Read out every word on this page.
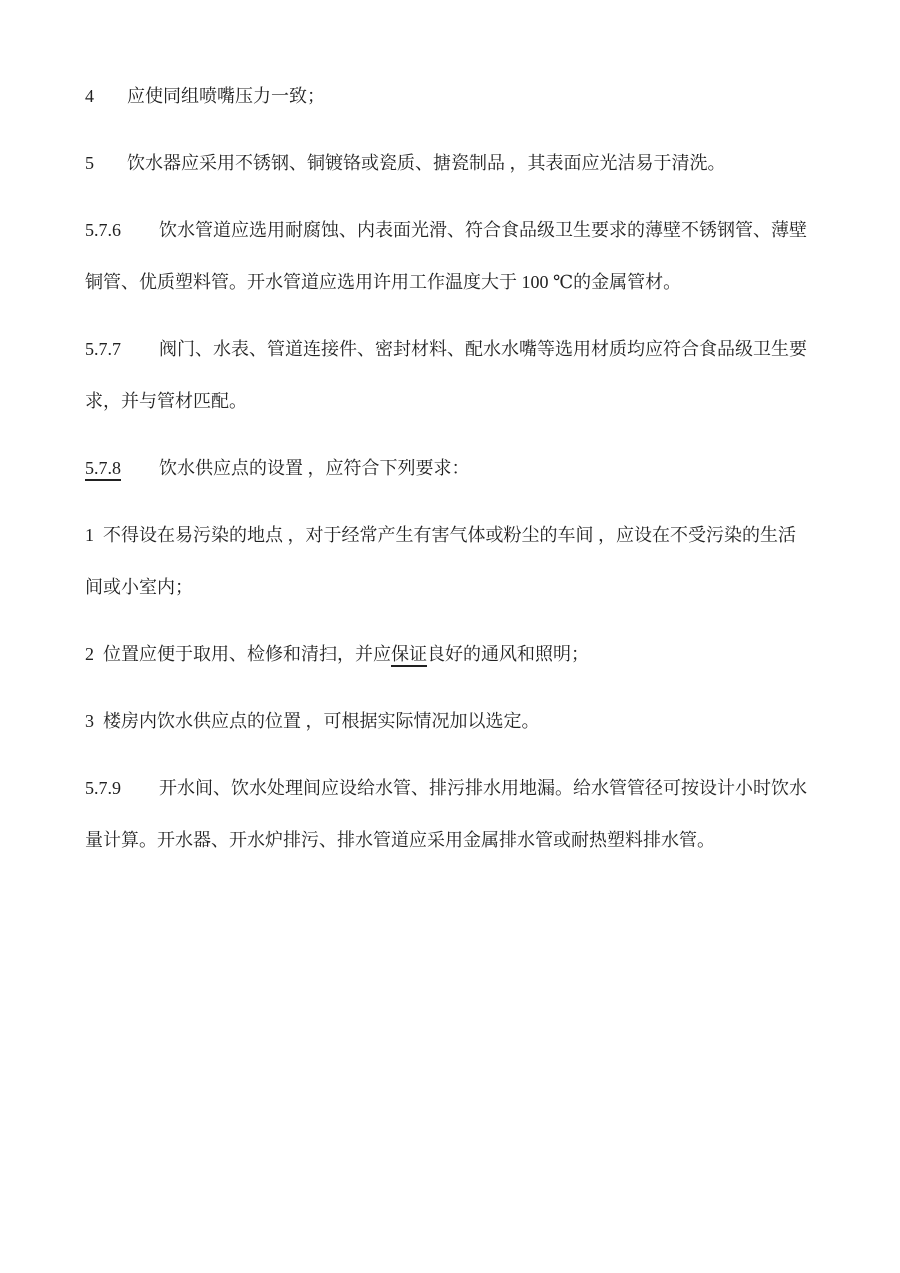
4 应使同组喷嘴压力一致；
5 饮水器应采用不锈钢、铜镀铬或瓷质、搪瓷制品 ，其表面应光洁易于清洗。
5.7.6 饮水管道应选用耐腐蚀、内表面光滑、符合食品级卫生要求的薄壁不锈钢管、薄壁
铜管、优质塑料管。开水管道应选用许用工作温度大于 100 ℃的金属管材。
5.7.7 阀门、水表、管道连接件、密封材料、配水水嘴等选用材质均应符合食品级卫生要
求，并与管材匹配。
5.7.8 饮水供应点的设置 ，应符合下列要求：
1 不得设在易污染的地点 ，对于经常产生有害气体或粉尘的车间 ，应设在不受污染的生活
间或小室内；
2 位置应便于取用、检修和清扫，并应保证良好的通风和照明；
3 楼房内饮水供应点的位置 ，可根据实际情况加以选定。
5.7.9 开水间、饮水处理间应设给水管、排污排水用地漏。给水管管径可按设计小时饮水
量计算。开水器、开水炉排污、排水管道应采用金属排水管或耐热塑料排水管。
